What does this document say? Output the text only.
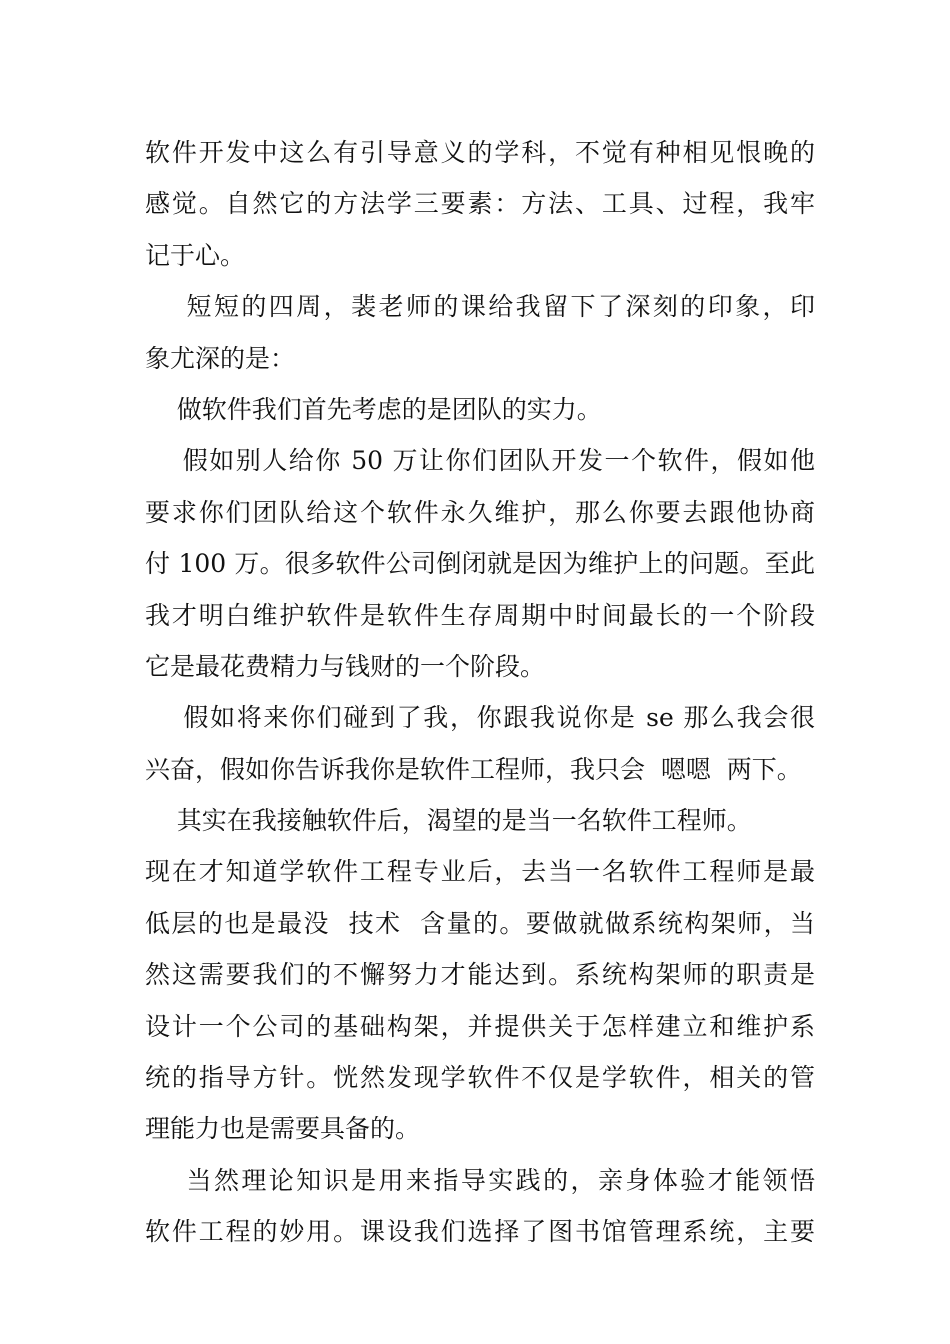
软件开发中这么有引导意义的学科，不觉有种相见恨晚的
感觉。自然它的方法学三要素：方法、工具、过程，我牢
记于心。
短短的四周，裴老师的课给我留下了深刻的印象，印
象尤深的是：
做软件我们首先考虑的是团队的实力。
假如别人给你 50 万让你们团队开发一个软件，假如他
要求你们团队给这个软件永久维护，那么你要去跟他协商
付 100 万。很多软件公司倒闭就是因为维护上的问题。至此
我才明白维护软件是软件生存周期中时间最长的一个阶段
它是最花费精力与钱财的一个阶段。
假如将来你们碰到了我，你跟我说你是 se 那么我会很
兴奋，假如你告诉我你是软件工程师，我只会  嗯嗯  两下。
其实在我接触软件后，渴望的是当一名软件工程师。
现在才知道学软件工程专业后，去当一名软件工程师是最
低层的也是最没  技术  含量的。要做就做系统构架师，当
然这需要我们的不懈努力才能达到。系统构架师的职责是
设计一个公司的基础构架，并提供关于怎样建立和维护系
统的指导方针。恍然发现学软件不仅是学软件，相关的管
理能力也是需要具备的。
当然理论知识是用来指导实践的，亲身体验才能领悟
软件工程的妙用。课设我们选择了图书馆管理系统，主要
